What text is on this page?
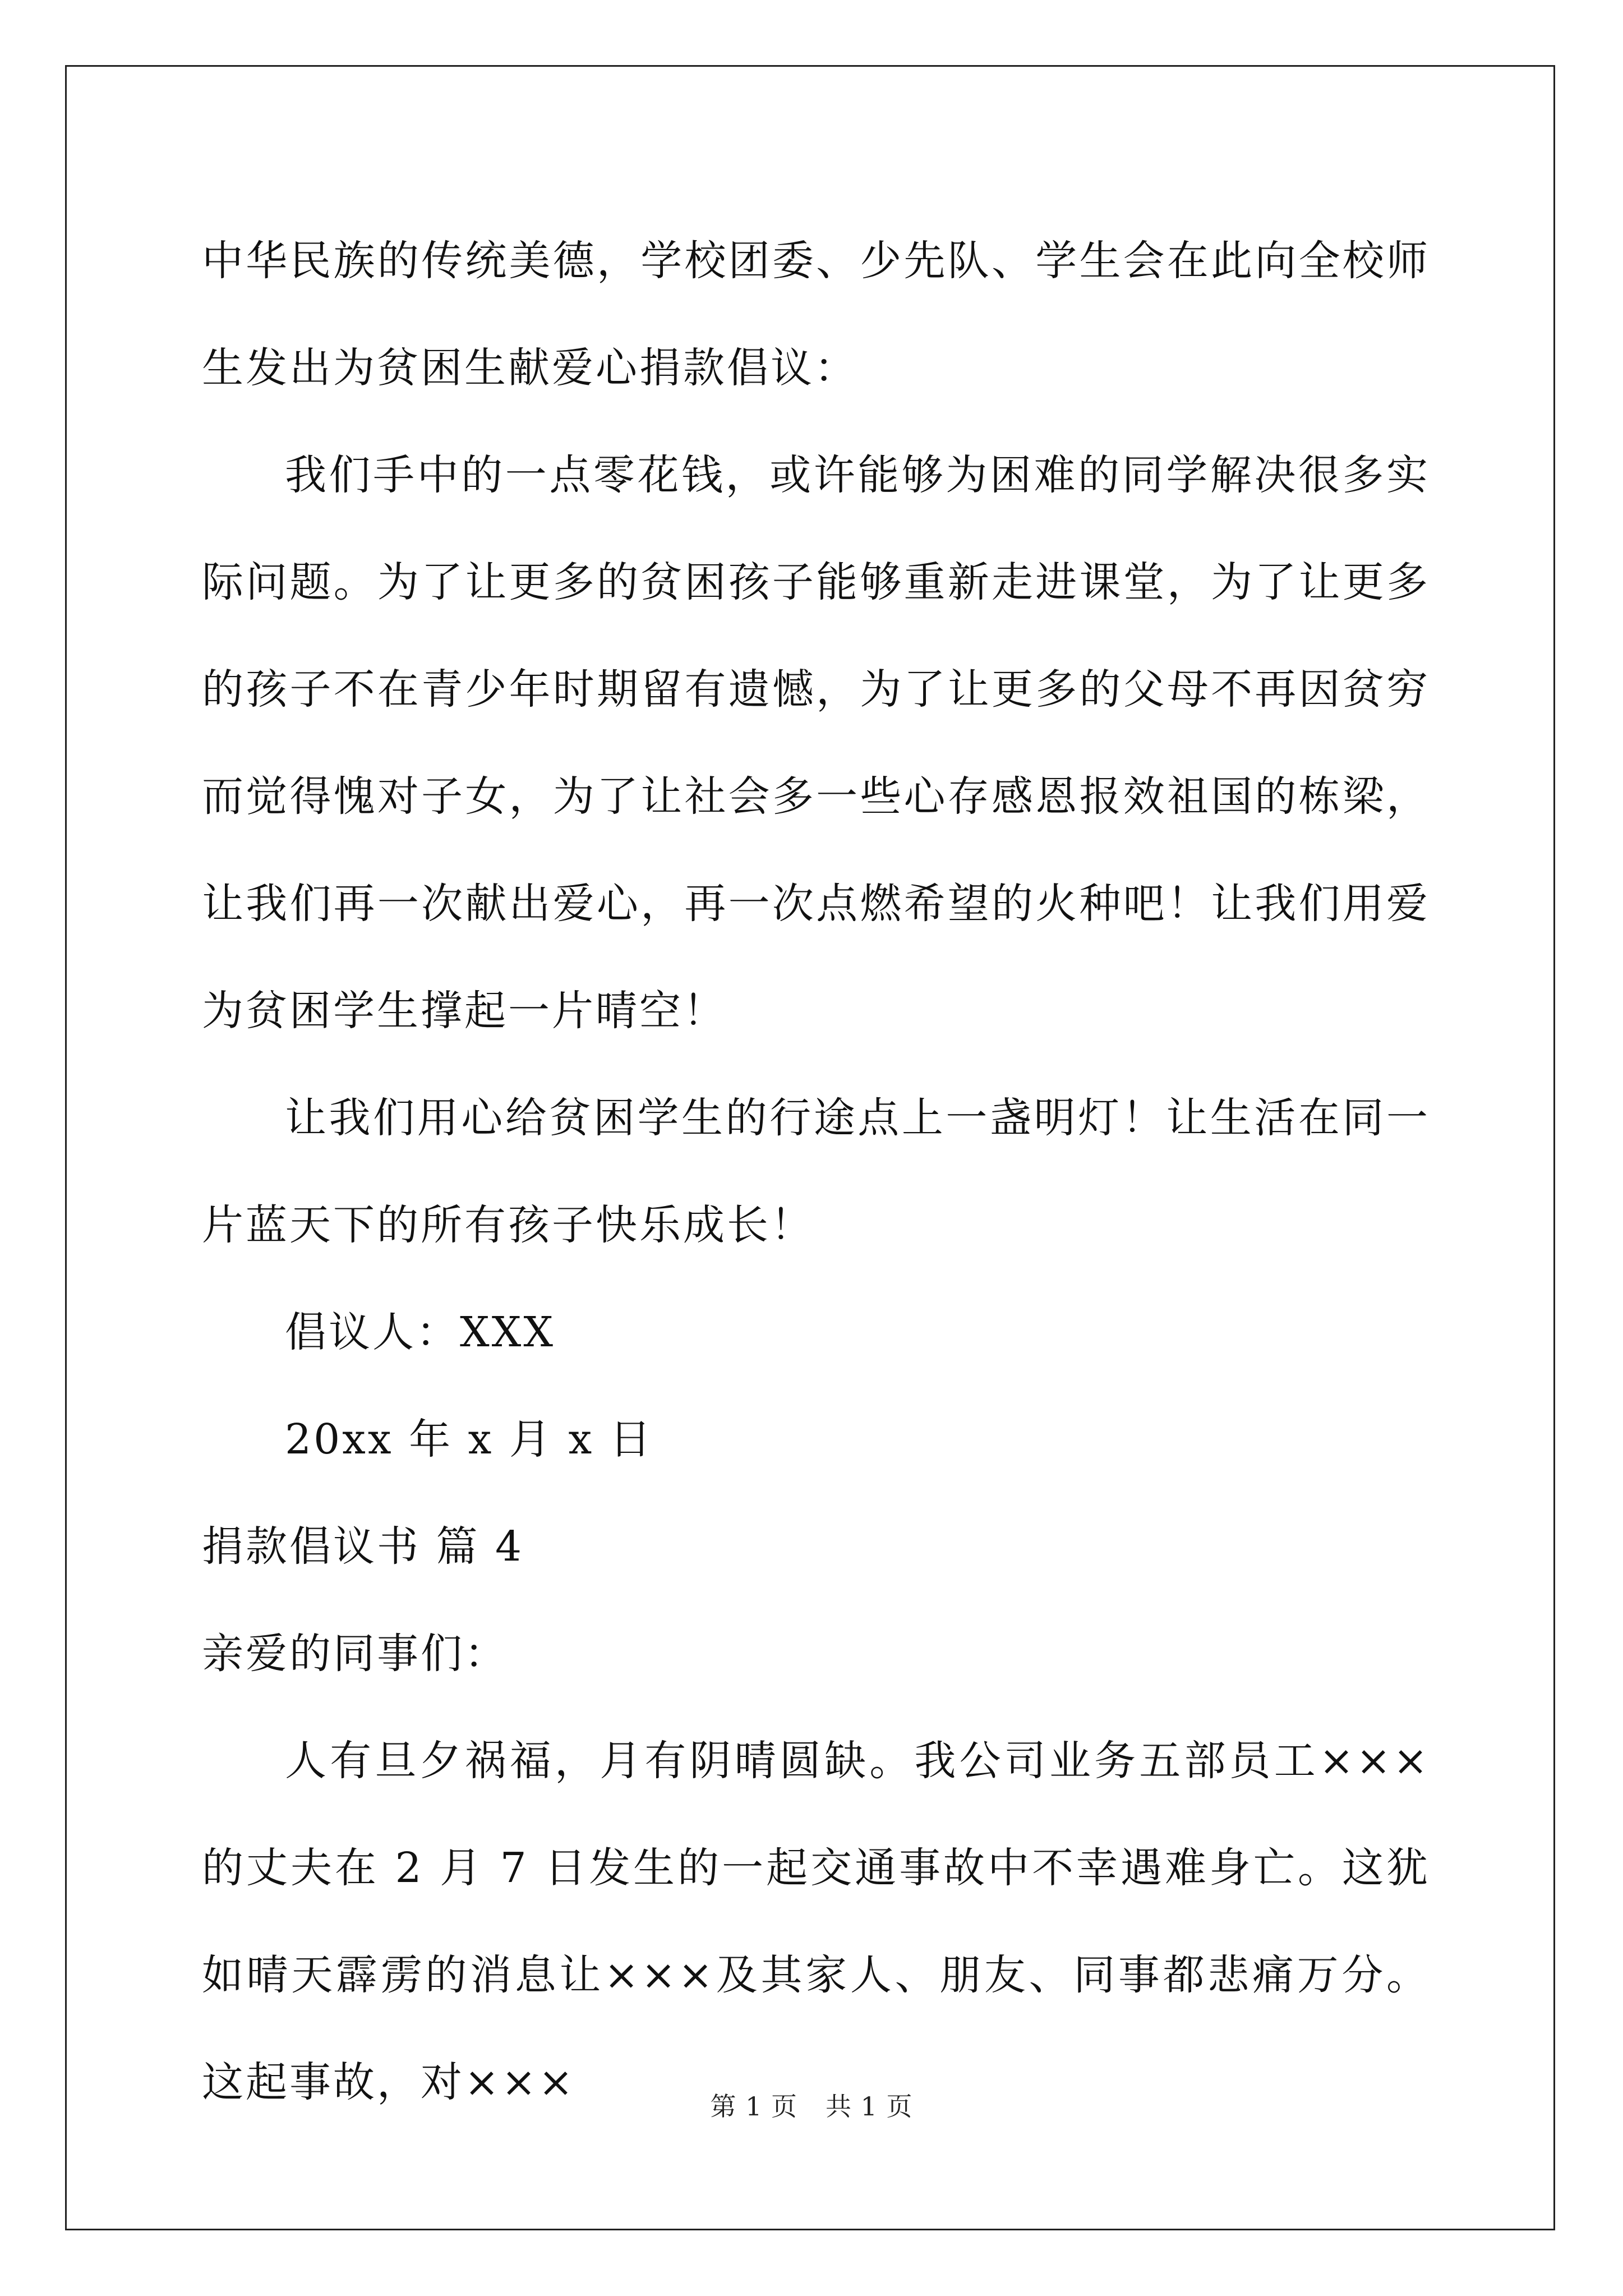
中华民族的传统美德，学校团委、少先队、学生会在此向全校师生发出为贫困生献爱心捐款倡议：

我们手中的一点零花钱，或许能够为困难的同学解决很多实际问题。为了让更多的贫困孩子能够重新走进课堂，为了让更多的孩子不在青少年时期留有遗憾，为了让更多的父母不再因贫穷而觉得愧对子女，为了让社会多一些心存感恩报效祖国的栋梁，让我们再一次献出爱心，再一次点燃希望的火种吧！让我们用爱为贫困学生撑起一片晴空！

让我们用心给贫困学生的行途点上一盏明灯！让生活在同一片蓝天下的所有孩子快乐成长！

倡议人：XXX

20xx 年 x 月 x 日

捐款倡议书 篇 4

亲爱的同事们：

人有旦夕祸福，月有阴晴圆缺。我公司业务五部员工×××的丈夫在 2 月 7 日发生的一起交通事故中不幸遇难身亡。这犹如晴天霹雳的消息让×××及其家人、朋友、同事都悲痛万分。这起事故，对×××	第 1 页 共 1 页
